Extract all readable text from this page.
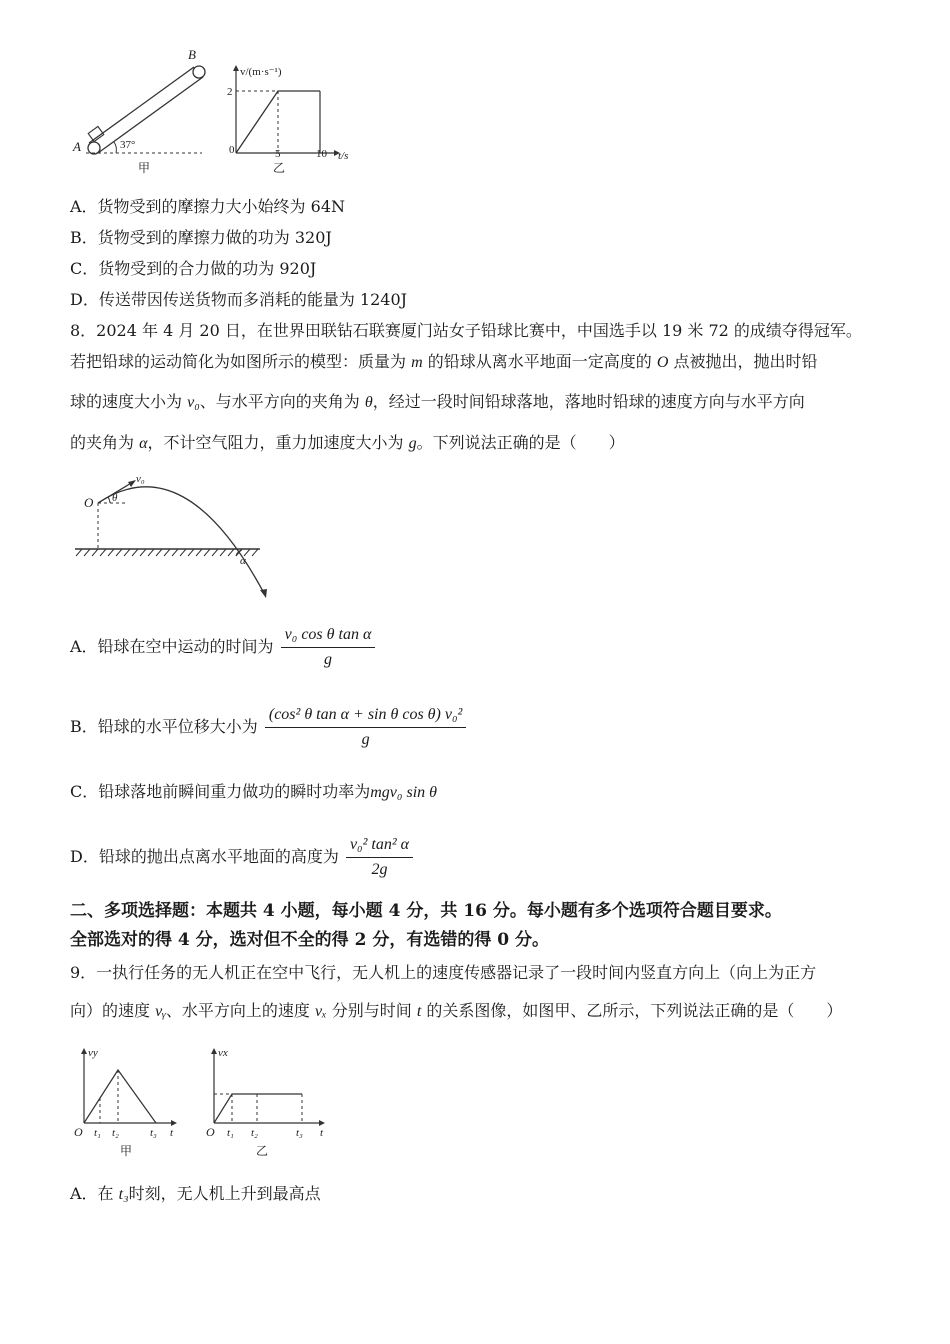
A
B
37°
甲
v/(m·s⁻¹)
t/s
0
2
5	10
乙
A．货物受到的摩擦力大小始终为 64N
B．货物受到的摩擦力做的功为 320J
C．货物受到的合力做的功为 920J
D．传送带因传送货物而多消耗的能量为 1240J
8．2024 年 4 月 20 日，在世界田联钻石联赛厦门站女子铅球比赛中，中国选手以 19 米 72 的成绩夺得冠军。
若把铅球的运动简化为如图所示的模型：质量为 m 的铅球从离水平地面一定高度的 O 点被抛出，抛出时铅
球的速度大小为 v₀、与水平方向的夹角为 θ，经过一段时间铅球落地，落地时铅球的速度方向与水平方向
的夹角为 α，不计空气阻力，重力加速度大小为 g。下列说法正确的是（　　）
O
v₀
θ
α
A．铅球在空中运动的时间为 $\frac{\text{v₀ cos θ tan α}}{g}$
B．铅球的水平位移大小为 $\frac{\text{(cos² θ tan α + sin θ cos θ) v₀²}}{g}$
C．铅球落地前瞬间重力做功的瞬时功率为mgv₀ sin θ
D．铅球的抛出点离水平地面的高度为 $\frac{\text{v₀² tan² α}}{2g}$
二、多项选择题：本题共 4 小题，每小题 4 分，共 16 分。每小题有多个选项符合题目要求。
全部选对的得 4 分，选对但不全的得 2 分，有选错的得 0 分。
9．一执行任务的无人机正在空中飞行，无人机上的速度传感器记录了一段时间内竖直方向上（向上为正方
向）的速度 vᵧ、水平方向上的速度 vₓ 分别与时间 t 的关系图像，如图甲、乙所示，下列说法正确的是（　　）
vy
O t₁ t₂	t₃ t
甲
vx
O t₁ t₂	t₃ t
乙
A．在 t₃时刻，无人机上升到最高点
